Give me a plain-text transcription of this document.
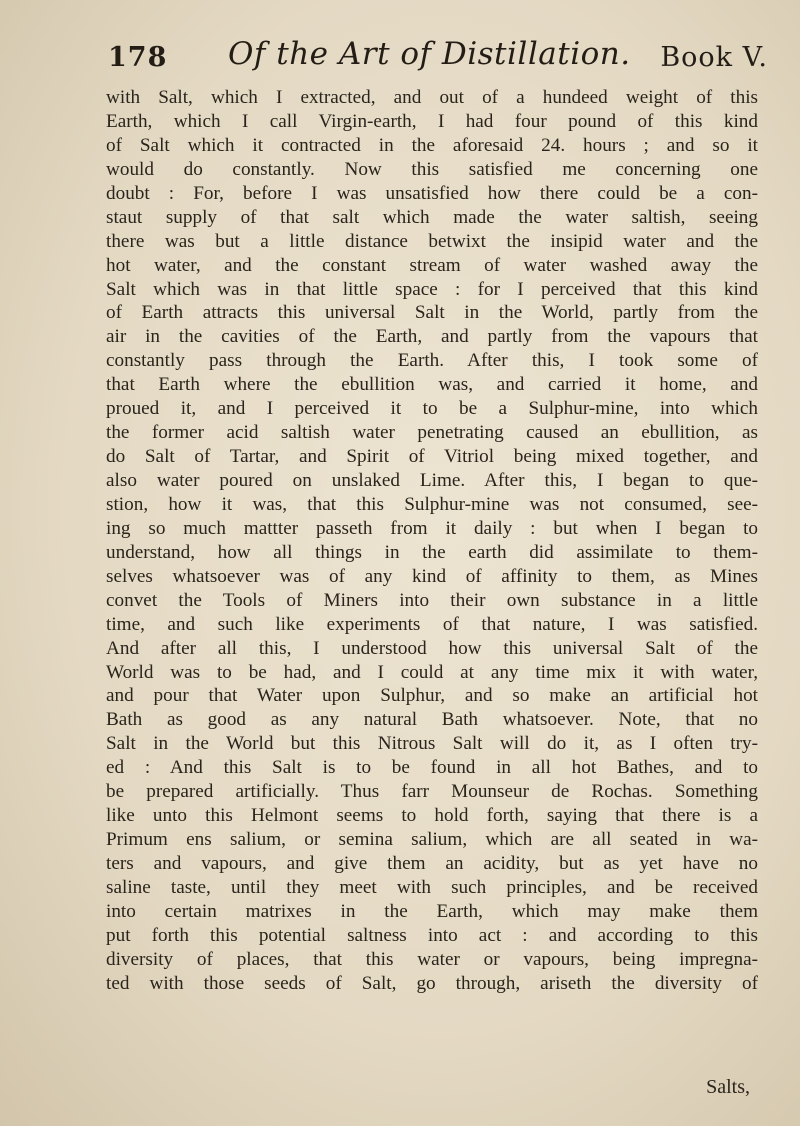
178 Of the Art of Distillation. Book V.
with Salt, which I extracted, and out of a hundeed weight of this
Earth, which I call Virgin-earth, I had four pound of this kind
of Salt which it contracted in the aforesaid 24. hours ; and so it
would do constantly. Now this satisfied me concerning one
doubt : For, before I was unsatisfied how there could be a con-
staut supply of that salt which made the water saltish, seeing
there was but a little distance betwixt the insipid water and the
hot water, and the constant stream of water washed away the
Salt which was in that little space : for I perceived that this kind
of Earth attracts this universal Salt in the World, partly from the
air in the cavities of the Earth, and partly from the vapours that
constantly pass through the Earth. After this, I took some of
that Earth where the ebullition was, and carried it home, and
proued it, and I perceived it to be a Sulphur-mine, into which
the former acid saltish water penetrating caused an ebullition, as
do Salt of Tartar, and Spirit of Vitriol being mixed together, and
also water poured on unslaked Lime. After this, I began to que-
stion, how it was, that this Sulphur-mine was not consumed, see-
ing so much mattter passeth from it daily : but when I began to
understand, how all things in the earth did assimilate to them-
selves whatsoever was of any kind of affinity to them, as Mines
convet the Tools of Miners into their own substance in a little
time, and such like experiments of that nature, I was satisfied.
And after all this, I understood how this universal Salt of the
World was to be had, and I could at any time mix it with water,
and pour that Water upon Sulphur, and so make an artificial hot
Bath as good as any natural Bath whatsoever. Note, that no
Salt in the World but this Nitrous Salt will do it, as I often try-
ed : And this Salt is to be found in all hot Bathes, and to
be prepared artificially. Thus farr Mounseur de Rochas. Something
like unto this Helmont seems to hold forth, saying that there is a
Primum ens salium, or semina salium, which are all seated in wa-
ters and vapours, and give them an acidity, but as yet have no
saline taste, until they meet with such principles, and be received
into certain matrixes in the Earth, which may make them
put forth this potential saltness into act : and according to this
diversity of places, that this water or vapours, being impregna-
ted with those seeds of Salt, go through, ariseth the diversity of
Salts,
